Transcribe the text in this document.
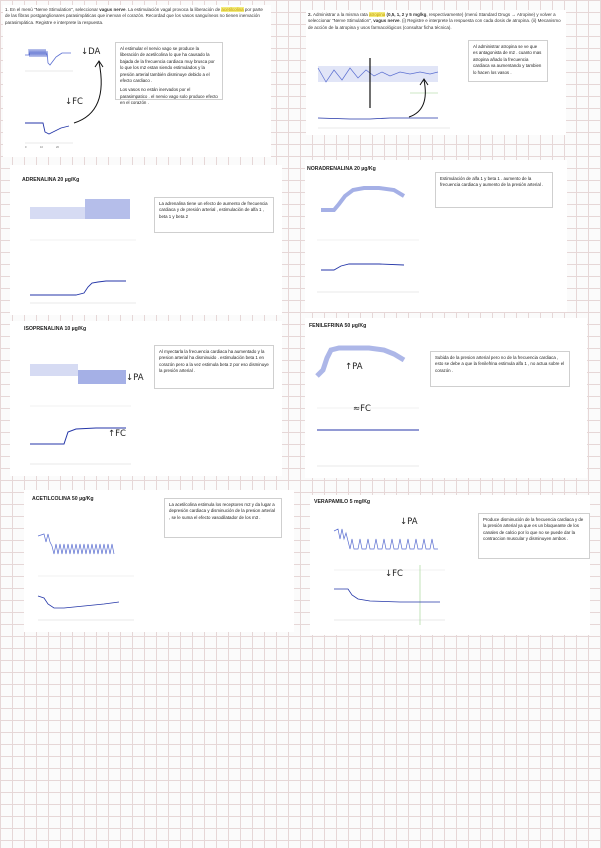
1. En el menú "Nerve Stimulation", seleccionar vagus nerve. La estimulación vagal provoca la liberación de acetilcolina por parte de las fibras postganglionares parasimpáticas que inervan el corazón. Recordad que los vasos sanguíneos no tienen inervación parasimpática. Registre e interprete la respuesta.
0	10	20
↓DA
↓FC

Al estimular el nervio vago se produce la liberación de acetilcolina lo que ha causado la bajada de la frecuencia cardiaca muy brusca por lo que los m2 estan siendo estimulados y la presión arterial también disminuye debido a el efecto cardiaco .

Los vasos no están inervados por el parasimpatico . el nervio vago solo produce efecto en el corazón .

2. Administrar a la misma rata atropina (0,5, 1, 2 y 5 mg/kg, respectivamente) (menú Standard Drugs → Atropine) y volver a seleccionar "Nerve Stimulation", vagus nerve. (i) Registre e interprete la respuesta con cada dosis de atropina. (ii) Mecanismo de acción de la atropina y usos farmacológicos (consultar ficha técnica).
Al administrar atropina se ve que es antagonista de m2 . cuanto mas atropina añado la frecuencia cardiaca va aumentando y tambien lo hacen los vasos .
ADRENALINA 20 µg/Kg
La adrenalina tiene un efecto de aumento de frecuencia cardiaca y de presión arterial , estimulación de alfa 1 , beta 1 y beta 2
NORADRENALINA 20 µg/Kg
Estimulación de alfa 1 y beta 1 . aumento de la frecuencia cardiaca y aumento de la presión arterial .
ISOPRENALINA 10 µg/Kg
↓PA
↑FC
Al myectarla la frecuencia cardiaca ha aumentado y la presion arterial ha disminuido . estimulación beta 1 en corazón pero a la vez estimula beta 2 por eso disminuye la presión arterial .
FENILEFRINA 50 µg/Kg
↑PA
≈FC
Subida de la presion arterial pero no de la frecuencia cardiaca , esto se debe a que la fenilefrina estimula alfa 1 , no actua sobre el corazón .
ACETILCOLINA 50 µg/Kg
La acetilcolina estimula los receptores m2 y da lugar a depresión cardiaca y disminución de la presion arterial , se le suma el efecto vasodilatador de los m3 .
VERAPAMILO 5 mg/Kg
↓PA
↓FC
Produce disminución de la frecuencia cardiaca y de la presión arterial ya que es un bloqueante de los canales de calcio por lo que no se puede dar la contraccion muscular y disminuyen ambos .
